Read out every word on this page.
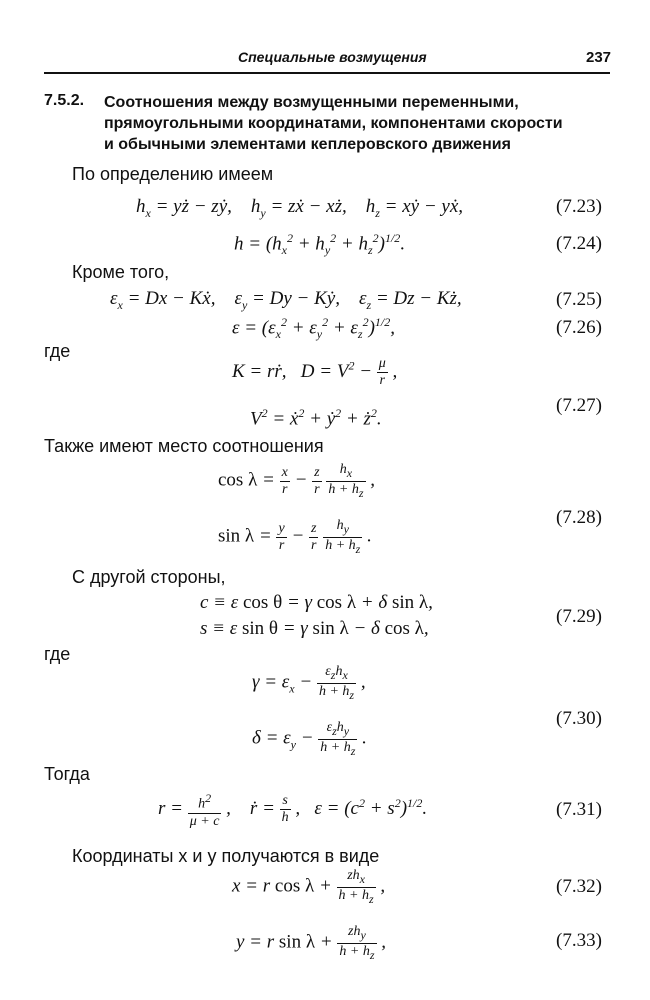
Специальные возмущения	237
7.5.2. Соотношения между возмущенными переменными,
прямоугольными координатами, компонентами скорости
и обычными элементами кеплеровского движения
По определению имеем
$h_x$ = yż − zẏ,    $h_y$ = zẋ − xż,    $h_z$ = xẏ − yẋ,	(7.23)
$h = (h_x^2 + h_y^2 + h_z^2)^{1/2}$.	(7.24)
Кроме того,
$\varepsilon_x = Dx$ − Kẋ,    $\varepsilon_y = Dy$ − Kẏ,    $\varepsilon_z = Dz$ − Kż,	(7.25)
$\varepsilon = (\varepsilon_x^2 + \varepsilon_y^2 + \varepsilon_z^2)^{1/2}$,	(7.26)
где
K = rṙ,   $D = V^2 - \frac{\mu}{r}$ ,
$V^2$ = ẋ$^2$ + ẏ$^2$ + $ż^2$.
(7.27)
Также имеют место соотношения
$\cos \lambda = \frac{x}{r} - \frac{z}{r}$
$\frac{h_x}{h + h_z}$ ,
$\sin \lambda = \frac{y}{r} - \frac{z}{r}$
$\frac{h_y}{h + h_z}$ .
(7.28)
С другой стороны,
c ≡ ε cos θ = γ cos λ + δ sin λ,
s ≡ ε sin θ = γ sin λ − δ cos λ,
(7.29)
где
$\gamma = \varepsilon_x - \frac{\varepsilon_zh_x}{h + h_z}$ ,
$\delta = \varepsilon_y - \frac{\varepsilon_zh_y}{h + h_z}$ .
(7.30)
Тогда
$r = \frac{h^2}{\mu + c}$ ,    ṙ = $\frac{s}{h}$ ,   $\varepsilon = (c^2 + s^2)^{1/2}$.	(7.31)
Координаты x и y получаются в виде
x = r $\cos \lambda + \frac{zh_x}{h + h_z}$ ,	(7.32)
y = r $\sin \lambda + \frac{zh_y}{h + h_z}$ ,	(7.33)
